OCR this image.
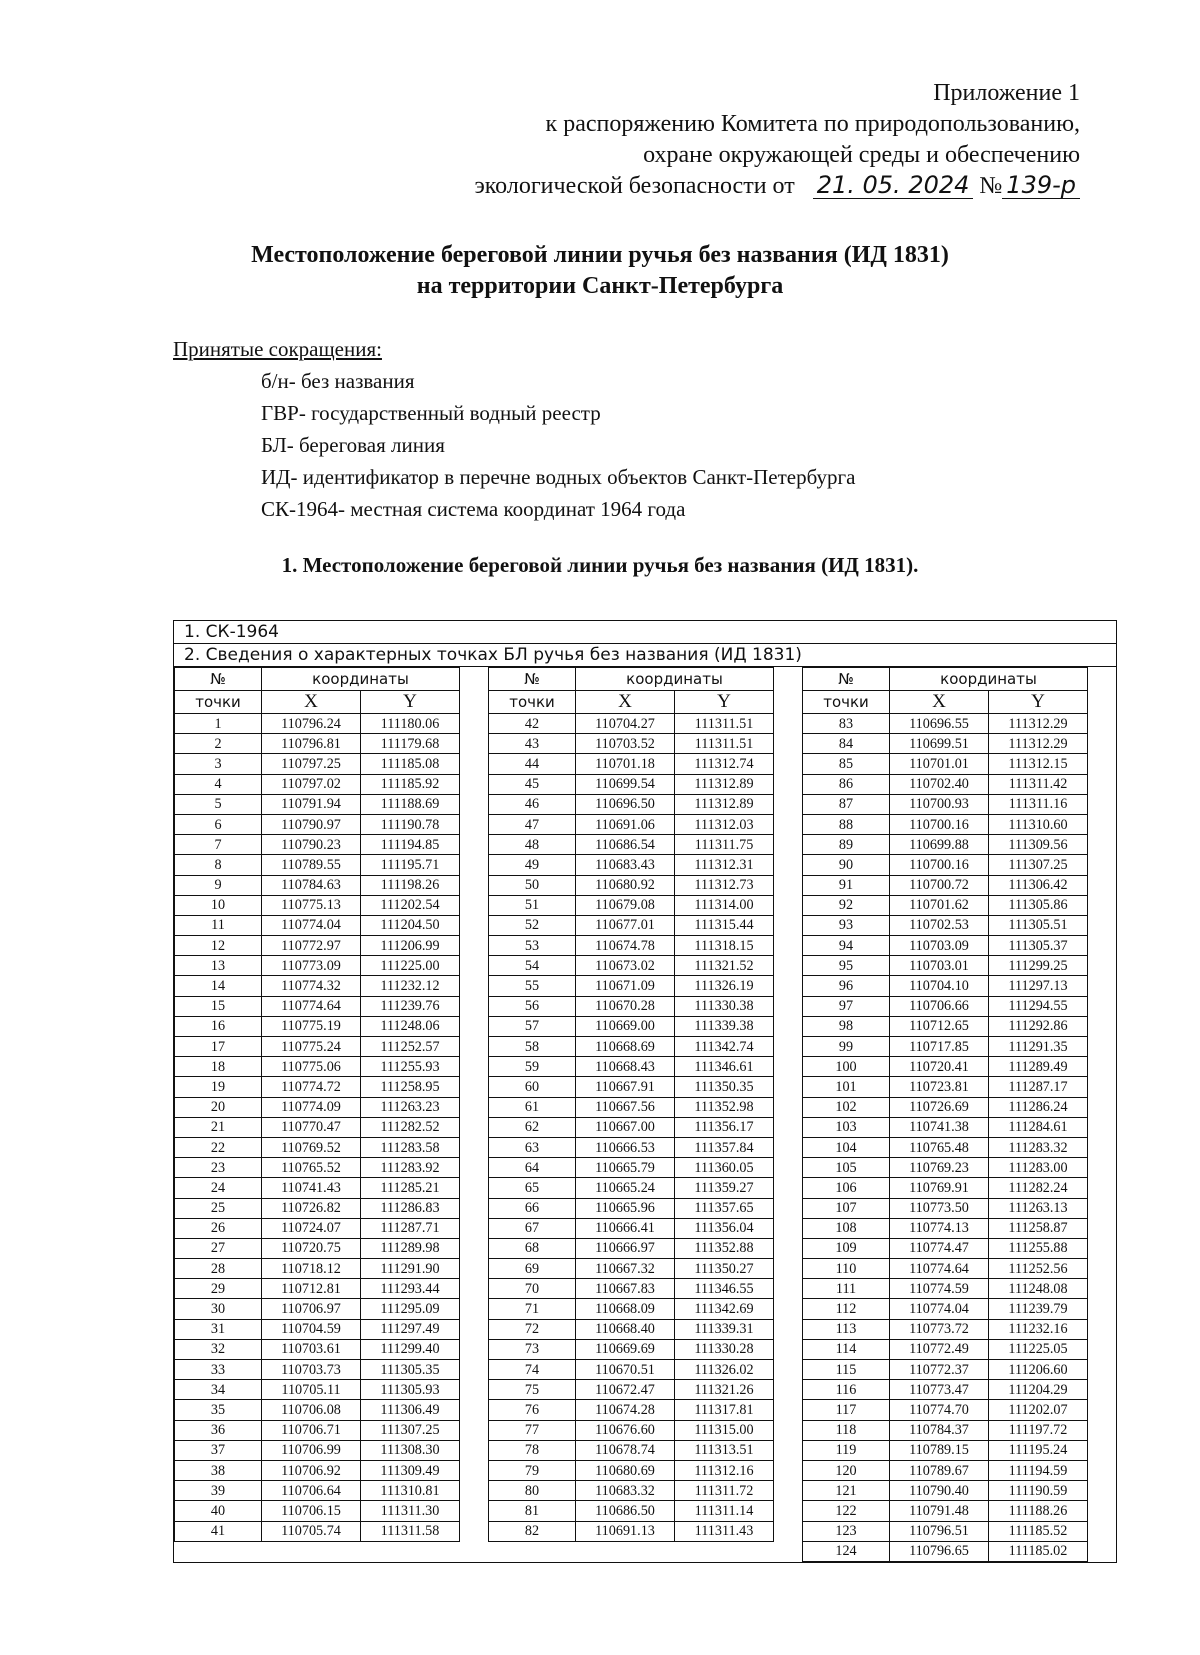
Приложение 1
к распоряжению Комитета по природопользованию,
охране окружающей среды и обеспечению
экологической безопасности от 21. 05. 2024 № 139-р
Местоположение береговой линии ручья без названия (ИД 1831)
на территории Санкт-Петербурга
Принятые сокращения:
б/н- без названия
ГВР- государственный водный реестр
БЛ- береговая линия
ИД- идентификатор в перечне водных объектов Санкт-Петербурга
СК-1964- местная система координат 1964 года
1. Местоположение береговой линии ручья без названия (ИД 1831).
1. СК-1964
2. Сведения о характерных точках БЛ ручья без названия (ИД 1831)
№	координаты	
точки	X	Y
1	110796.24	111180.06
2	110796.81	111179.68
3	110797.25	111185.08
4	110797.02	111185.92
5	110791.94	111188.69
6	110790.97	111190.78
7	110790.23	111194.85
8	110789.55	111195.71
9	110784.63	111198.26
10	110775.13	111202.54
11	110774.04	111204.50
12	110772.97	111206.99
13	110773.09	111225.00
14	110774.32	111232.12
15	110774.64	111239.76
16	110775.19	111248.06
17	110775.24	111252.57
18	110775.06	111255.93
19	110774.72	111258.95
20	110774.09	111263.23
21	110770.47	111282.52
22	110769.52	111283.58
23	110765.52	111283.92
24	110741.43	111285.21
25	110726.82	111286.83
26	110724.07	111287.71
27	110720.75	111289.98
28	110718.12	111291.90
29	110712.81	111293.44
30	110706.97	111295.09
31	110704.59	111297.49
32	110703.61	111299.40
33	110703.73	111305.35
34	110705.11	111305.93
35	110706.08	111306.49
36	110706.71	111307.25
37	110706.99	111308.30
38	110706.92	111309.49
39	110706.64	111310.81
40	110706.15	111311.30
41	110705.74	111311.58
№	координаты	
точки	X	Y
42	110704.27	111311.51
43	110703.52	111311.51
44	110701.18	111312.74
45	110699.54	111312.89
46	110696.50	111312.89
47	110691.06	111312.03
48	110686.54	111311.75
49	110683.43	111312.31
50	110680.92	111312.73
51	110679.08	111314.00
52	110677.01	111315.44
53	110674.78	111318.15
54	110673.02	111321.52
55	110671.09	111326.19
56	110670.28	111330.38
57	110669.00	111339.38
58	110668.69	111342.74
59	110668.43	111346.61
60	110667.91	111350.35
61	110667.56	111352.98
62	110667.00	111356.17
63	110666.53	111357.84
64	110665.79	111360.05
65	110665.24	111359.27
66	110665.96	111357.65
67	110666.41	111356.04
68	110666.97	111352.88
69	110667.32	111350.27
70	110667.83	111346.55
71	110668.09	111342.69
72	110668.40	111339.31
73	110669.69	111330.28
74	110670.51	111326.02
75	110672.47	111321.26
76	110674.28	111317.81
77	110676.60	111315.00
78	110678.74	111313.51
79	110680.69	111312.16
80	110683.32	111311.72
81	110686.50	111311.14
82	110691.13	111311.43
№	координаты	
точки	X	Y
83	110696.55	111312.29
84	110699.51	111312.29
85	110701.01	111312.15
86	110702.40	111311.42
87	110700.93	111311.16
88	110700.16	111310.60
89	110699.88	111309.56
90	110700.16	111307.25
91	110700.72	111306.42
92	110701.62	111305.86
93	110702.53	111305.51
94	110703.09	111305.37
95	110703.01	111299.25
96	110704.10	111297.13
97	110706.66	111294.55
98	110712.65	111292.86
99	110717.85	111291.35
100	110720.41	111289.49
101	110723.81	111287.17
102	110726.69	111286.24
103	110741.38	111284.61
104	110765.48	111283.32
105	110769.23	111283.00
106	110769.91	111282.24
107	110773.50	111263.13
108	110774.13	111258.87
109	110774.47	111255.88
110	110774.64	111252.56
111	110774.59	111248.08
112	110774.04	111239.79
113	110773.72	111232.16
114	110772.49	111225.05
115	110772.37	111206.60
116	110773.47	111204.29
117	110774.70	111202.07
118	110784.37	111197.72
119	110789.15	111195.24
120	110789.67	111194.59
121	110790.40	111190.59
122	110791.48	111188.26
123	110796.51	111185.52
124	110796.65	111185.02
